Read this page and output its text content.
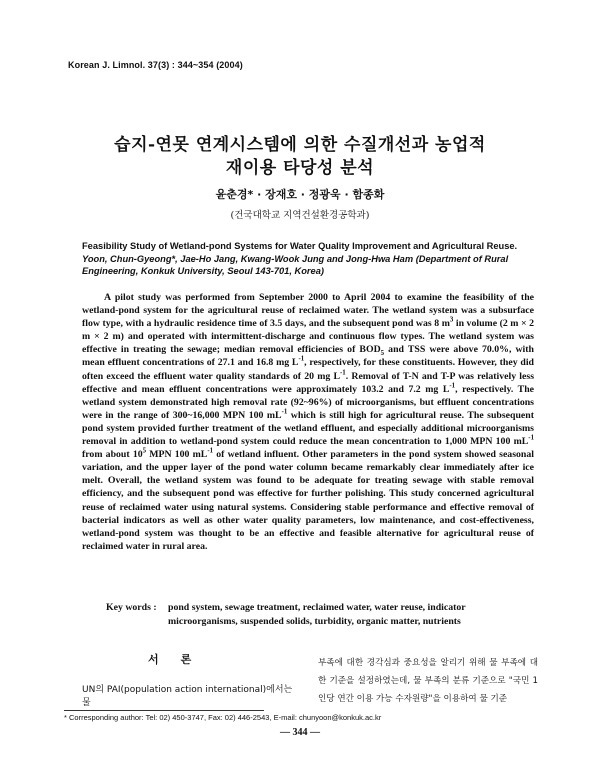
Korean J. Limnol. 37(3) : 344~354 (2004)
습지-연못 연계시스템에 의한 수질개선과 농업적
재이용 타당성 분석
윤춘경* · 장재호 · 정광욱 · 함종화
(건국대학교 지역건설환경공학과)
Feasibility Study of Wetland-pond Systems for Water Quality Improvement and Agricultural Reuse. Yoon, Chun-Gyeong*, Jae-Ho Jang, Kwang-Wook Jung and Jong-Hwa Ham (Department of Rural Engineering, Konkuk University, Seoul 143-701, Korea)
A pilot study was performed from September 2000 to April 2004 to examine the feasibility of the wetland-pond system for the agricultural reuse of reclaimed water. The wetland system was a subsurface flow type, with a hydraulic residence time of 3.5 days, and the subsequent pond was 8 $m^3$ in volume (2 m × 2 m × 2 m) and operated with intermittent-discharge and continuous flow types. The wetland system was effective in treating the sewage; median removal efficiencies of $BOD_5$ and TSS were above 70.0%, with mean effluent concentrations of 27.1 and 16.8 mg $L^{-1}$, respectively, for these constituents. However, they did often exceed the effluent water quality standards of 20 mg $L^{-1}$. Removal of T-N and T-P was relatively less effective and mean effluent concentrations were approximately 103.2 and 7.2 mg $L^{-1}$, respectively. The wetland system demonstrated high removal rate (92~96%) of microorganisms, but effluent concentrations were in the range of 300~16,000 MPN 100 $mL^{-1}$ which is still high for agricultural reuse. The subsequent pond system provided further treatment of the wetland effluent, and especially additional microorganisms removal in addition to wetland-pond system could reduce the mean concentration to 1,000 MPN 100 $mL^{-1}$ from about $10^5$ MPN 100 $mL^{-1}$ of wetland influent. Other parameters in the pond system showed seasonal variation, and the upper layer of the pond water column became remarkably clear immediately after ice melt. Overall, the wetland system was found to be adequate for treating sewage with stable removal efficiency, and the subsequent pond was effective for further polishing. This study concerned agricultural reuse of reclaimed water using natural systems. Considering stable performance and effective removal of bacterial indicators as well as other water quality parameters, low maintenance, and cost-effectiveness, wetland-pond system was thought to be an effective and feasible alternative for agricultural reuse of reclaimed water in rural area.
Key words :	pond system, sewage treatment, reclaimed water, water reuse, indicator microorganisms, suspended solids, turbidity, organic matter, nutrients
서론
UN의 PAI(population action international)에서는 물
부족에 대한 경각심과 중요성을 알리기 위해 물 부족에 대한 기준을 설정하였는데, 물 부족의 분류 기준으로 "국민 1인당 연간 이용 가능 수자원량"을 이용하여 물 기준
* Corresponding author: Tel: 02) 450-3747, Fax: 02) 446-2543, E-mail: chunyoon@konkuk.ac.kr
— 344 —
